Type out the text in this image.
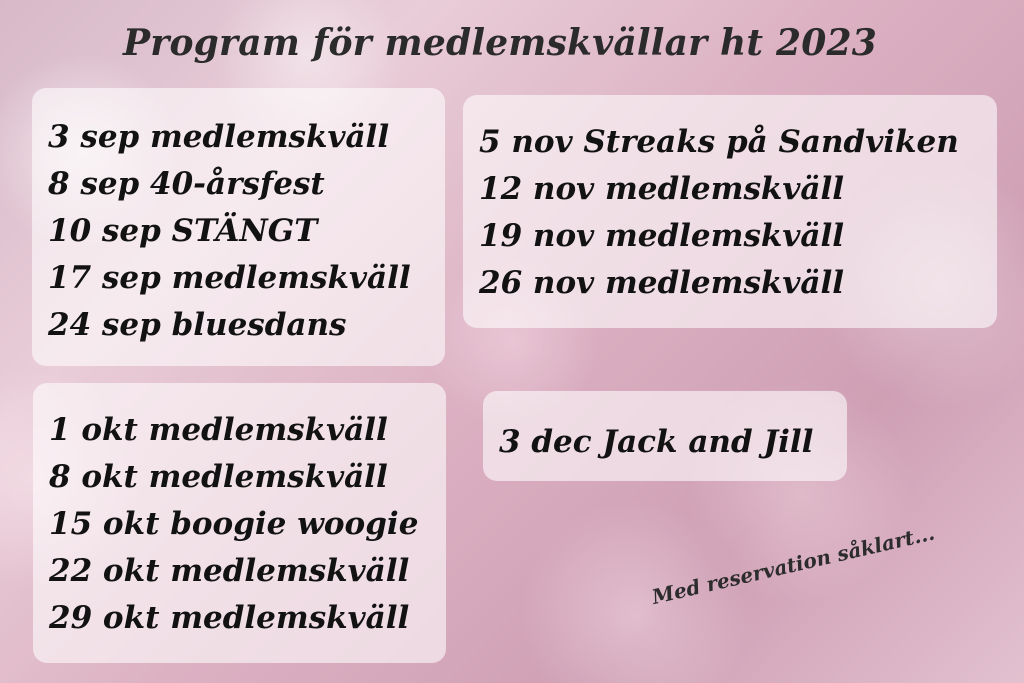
Program för medlemskvällar ht 2023
3 sep medlemskväll
8 sep 40-årsfest
10 sep STÄNGT
17 sep medlemskväll
24 sep bluesdans
5 nov Streaks på Sandviken
12 nov medlemskväll
19 nov medlemskväll
26 nov medlemskväll
1 okt medlemskväll
8 okt medlemskväll
15 okt boogie woogie
22 okt medlemskväll
29 okt medlemskväll
3 dec Jack and Jill
Med reservation såklart...
